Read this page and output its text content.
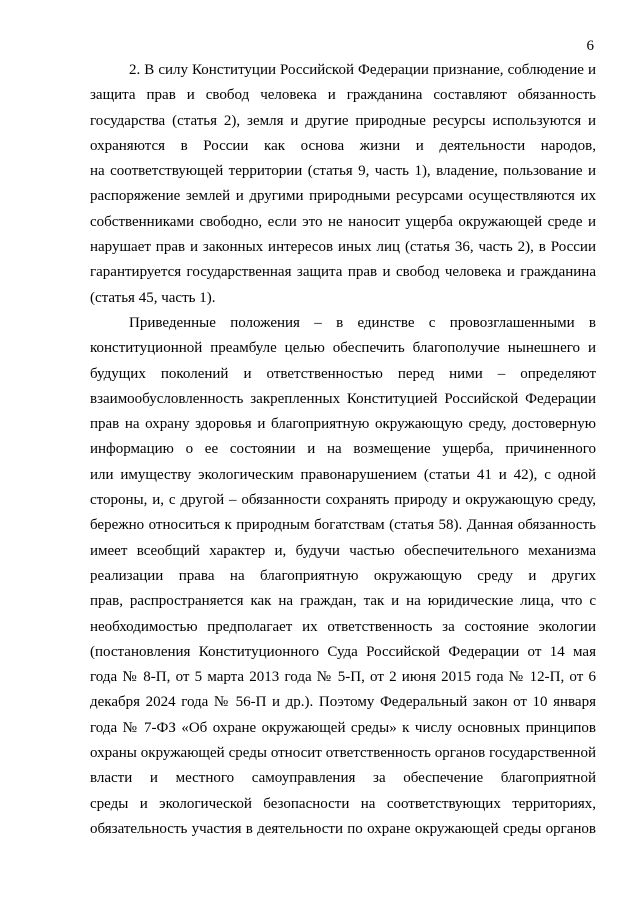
6
2. В силу Конституции Российской Федерации признание, соблюдение и
защита прав и свобод человека и гражданина составляют обязанность
государства (статья 2), земля и другие природные ресурсы используются и
охраняются в России как основа жизни и деятельности народов,
на соответствующей территории (статья 9, часть 1), владение, пользование и
распоряжение землей и другими природными ресурсами осуществляются их
собственниками свободно, если это не наносит ущерба окружающей среде и
нарушает прав и законных интересов иных лиц (статья 36, часть 2), в России
гарантируется государственная защита прав и свобод человека и гражданина
(статья 45, часть 1).
Приведенные положения – в единстве с провозглашенными в
конституционной преамбуле целью обеспечить благополучие нынешнего и
будущих поколений и ответственностью перед ними – определяют
взаимообусловленность закрепленных Конституцией Российской Федерации
прав на охрану здоровья и благоприятную окружающую среду, достоверную
информацию о ее состоянии и на возмещение ущерба, причиненного
или имуществу экологическим правонарушением (статьи 41 и 42), с одной
стороны, и, с другой – обязанности сохранять природу и окружающую среду,
бережно относиться к природным богатствам (статья 58). Данная обязанность
имеет всеобщий характер и, будучи частью обеспечительного механизма
реализации права на благоприятную окружающую среду и других
прав, распространяется как на граждан, так и на юридические лица, что с
необходимостью предполагает их ответственность за состояние экологии
(постановления Конституционного Суда Российской Федерации от 14 мая
года № 8-П, от 5 марта 2013 года № 5-П, от 2 июня 2015 года № 12-П, от 6
декабря 2024 года № 56-П и др.). Поэтому Федеральный закон от 10 января
года № 7-ФЗ «Об охране окружающей среды» к числу основных принципов
охраны окружающей среды относит ответственность органов государственной
власти и местного самоуправления за обеспечение благоприятной
среды и экологической безопасности на соответствующих территориях,
обязательность участия в деятельности по охране окружающей среды органов
